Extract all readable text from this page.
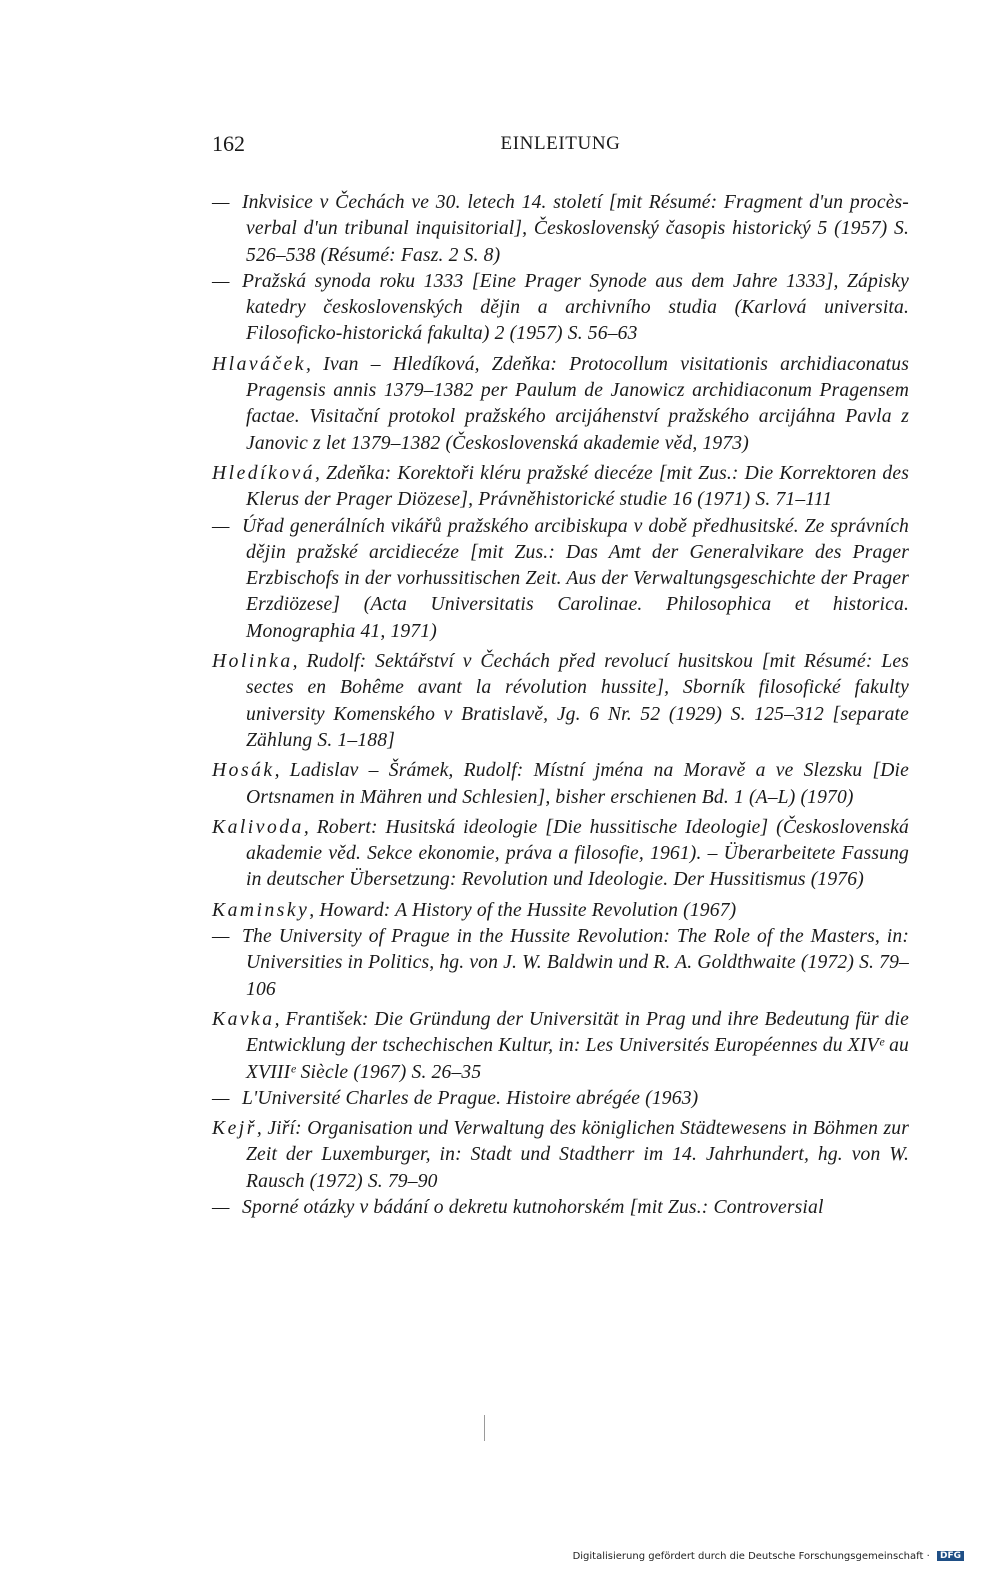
162	EINLEITUNG

— Inkvisice v Čechách ve 30. letech 14. století [mit Résumé: Fragment d'un procès-verbal d'un tribunal inquisitorial], Československý časopis historický 5 (1957) S. 526–538 (Résumé: Fasz. 2 S. 8)

— Pražská synoda roku 1333 [Eine Prager Synode aus dem Jahre 1333], Zápisky katedry československých dějin a archivního studia (Karlová universita. Filosoficko-historická fakulta) 2 (1957) S. 56–63

Hlaváček, Ivan – Hledíková, Zdeňka: Protocollum visitationis archidiaconatus Pragensis annis 1379–1382 per Paulum de Janowicz archidiaconum Pragensem factae. Visitační protokol pražského arcijáhenství pražského arcijáhna Pavla z Janovic z let 1379–1382 (Československá akademie věd, 1973)

Hledíková, Zdeňka: Korektoři kléru pražské diecéze [mit Zus.: Die Korrektoren des Klerus der Prager Diözese], Právněhistorické studie 16 (1971) S. 71–111

— Úřad generálních vikářů pražského arcibiskupa v době předhusitské. Ze správních dějin pražské arcidiecéze [mit Zus.: Das Amt der Generalvikare des Prager Erzbischofs in der vorhussitischen Zeit. Aus der Verwaltungsgeschichte der Prager Erzdiözese] (Acta Universitatis Carolinae. Philosophica et historica. Monographia 41, 1971)

Holinka, Rudolf: Sektářství v Čechách před revolucí husitskou [mit Résumé: Les sectes en Bohême avant la révolution hussite], Sborník filosofické fakulty university Komenského v Bratislavě, Jg. 6 Nr. 52 (1929) S. 125–312 [separate Zählung S. 1–188]

Hosák, Ladislav – Šrámek, Rudolf: Místní jména na Moravě a ve Slezsku [Die Ortsnamen in Mähren und Schlesien], bisher erschienen Bd. 1 (A–L) (1970)

Kalivoda, Robert: Husitská ideologie [Die hussitische Ideologie] (Československá akademie věd. Sekce ekonomie, práva a filosofie, 1961). – Überarbeitete Fassung in deutscher Übersetzung: Revolution und Ideologie. Der Hussitismus (1976)

Kaminsky, Howard: A History of the Hussite Revolution (1967)

— The University of Prague in the Hussite Revolution: The Role of the Masters, in: Universities in Politics, hg. von J. W. Baldwin und R. A. Goldthwaite (1972) S. 79–106

Kavka, František: Die Gründung der Universität in Prag und ihre Bedeutung für die Entwicklung der tschechischen Kultur, in: Les Universités Européennes du XIVᵉ au XVIIIᵉ Siècle (1967) S. 26–35

— L'Université Charles de Prague. Histoire abrégée (1963)

Kejř, Jiří: Organisation und Verwaltung des königlichen Städtewesens in Böhmen zur Zeit der Luxemburger, in: Stadt und Stadtherr im 14. Jahrhundert, hg. von W. Rausch (1972) S. 79–90

— Sporné otázky v bádání o dekretu kutnohorském [mit Zus.: Controversial

Digitalisierung gefördert durch die Deutsche Forschungsgemeinschaft · DFG
